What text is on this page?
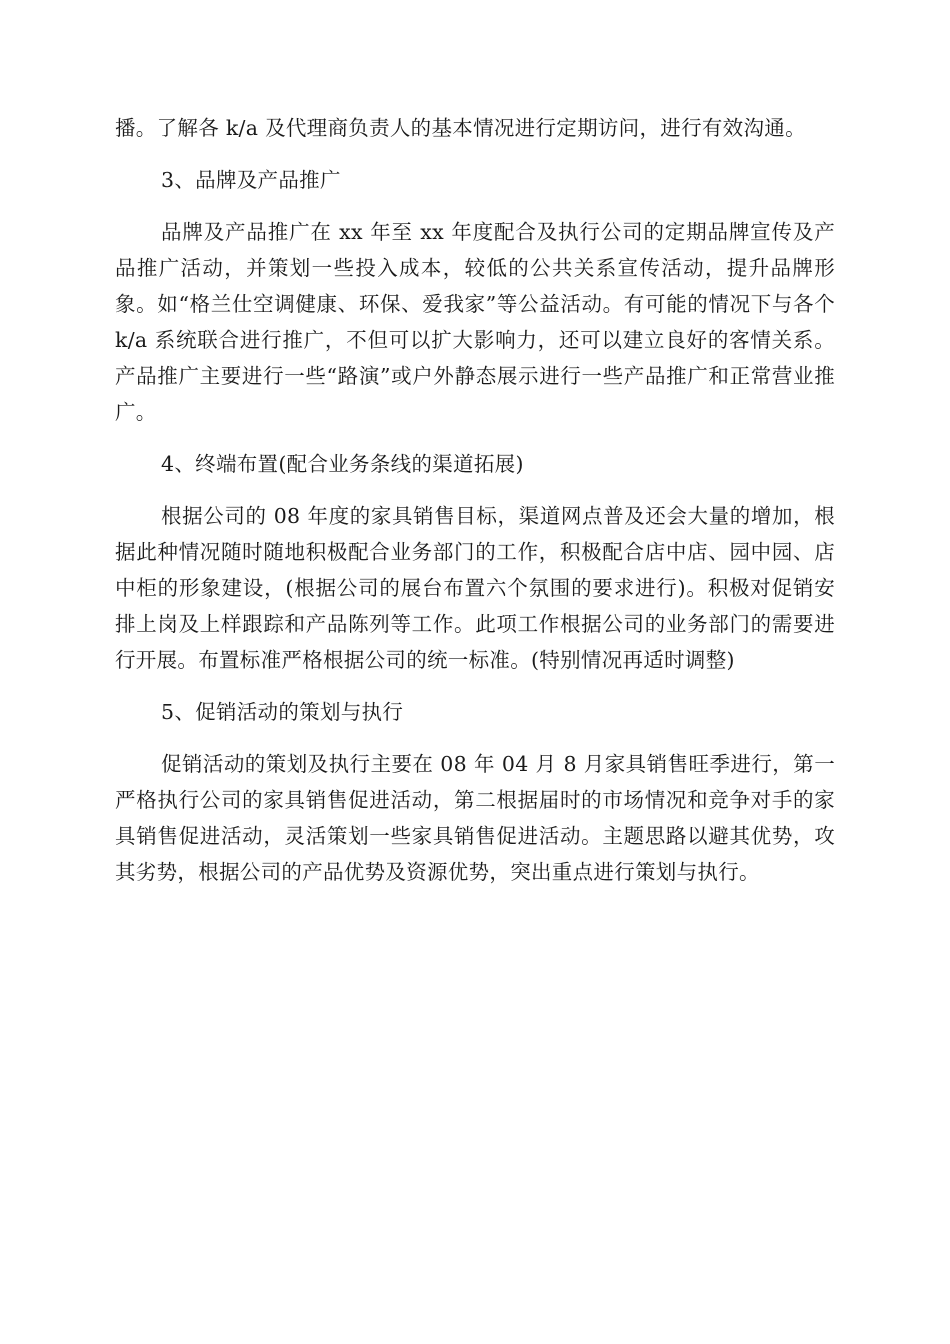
播。了解各 k/a 及代理商负责人的基本情况进行定期访问，进行有效沟通。

3、品牌及产品推广

品牌及产品推广在 xx 年至 xx 年度配合及执行公司的定期品牌宣传及产品推广活动，并策划一些投入成本，较低的公共关系宣传活动，提升品牌形象。如“格兰仕空调健康、环保、爱我家”等公益活动。有可能的情况下与各个 k/a 系统联合进行推广，不但可以扩大影响力，还可以建立良好的客情关系。产品推广主要进行一些“路演”或户外静态展示进行一些产品推广和正常营业推广。

4、终端布置(配合业务条线的渠道拓展)

根据公司的 08 年度的家具销售目标，渠道网点普及还会大量的增加，根据此种情况随时随地积极配合业务部门的工作，积极配合店中店、园中园、店中柜的形象建设，(根据公司的展台布置六个氛围的要求进行)。积极对促销安排上岗及上样跟踪和产品陈列等工作。此项工作根据公司的业务部门的需要进行开展。布置标准严格根据公司的统一标准。(特别情况再适时调整)

5、促销活动的策划与执行

促销活动的策划及执行主要在 08 年 04 月 8 月家具销售旺季进行，第一严格执行公司的家具销售促进活动，第二根据届时的市场情况和竞争对手的家具销售促进活动，灵活策划一些家具销售促进活动。主题思路以避其优势，攻其劣势，根据公司的产品优势及资源优势，突出重点进行策划与执行。
